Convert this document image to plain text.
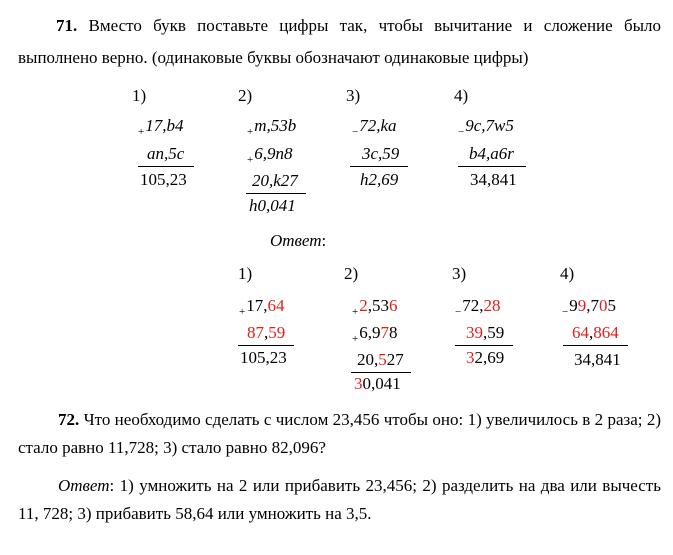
71. Вместо букв поставьте цифры так, чтобы вычитание и сложение было
выполнено верно. (одинаковые буквы обозначают одинаковые цифры)
1)
$_+$17,b4
an,5c
105,23
2)
$_+$m,53b
$_+$6,9n8
20,k27
h0,041
3)
$_-$72,ka
3c,59
h2,69
4)
$_-$9c,7w5
b4,a6r
34,841
Ответ:
1)
$_+$17,64
87,59
105,23
2)
$_+$2,536
$_+$6,978
20,527
30,041
3)
$_-$72,28
39,59
32,69
4)
$_-$99,705
64,864
34,841
72. Что необходимо сделать с числом 23,456 чтобы оно: 1) увеличилось в 2 раза; 2) стало равно 11,728; 3) стало равно 82,096?
Ответ: 1) умножить на 2 или прибавить 23,456; 2) разделить на два или вычесть 11, 728; 3) прибавить 58,64 или умножить на 3,5.
